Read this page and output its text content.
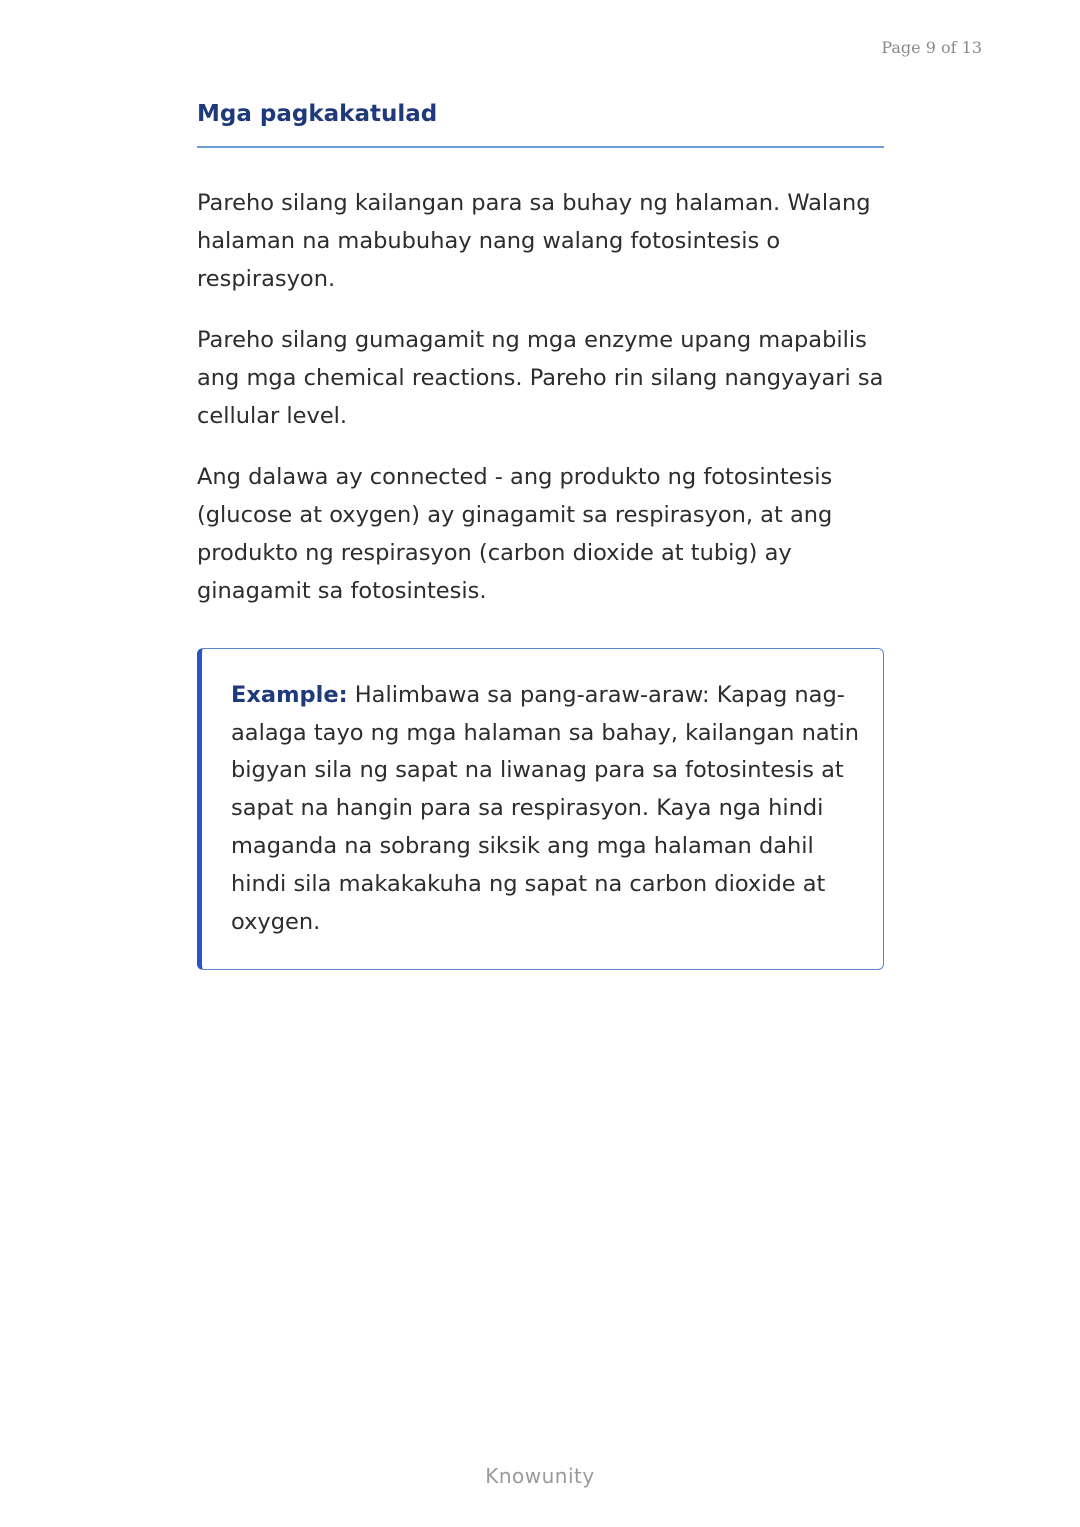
Page 9 of 13
Mga pagkakatulad

Pareho silang kailangan para sa buhay ng halaman. Walang halaman na mabubuhay nang walang fotosintesis o respirasyon.

Pareho silang gumagamit ng mga enzyme upang mapabilis ang mga chemical reactions. Pareho rin silang nangyayari sa cellular level.

Ang dalawa ay connected - ang produkto ng fotosintesis (glucose at oxygen) ay ginagamit sa respirasyon, at ang produkto ng respirasyon (carbon dioxide at tubig) ay ginagamit sa fotosintesis.

Example: Halimbawa sa pang-araw-araw: Kapag nag-aalaga tayo ng mga halaman sa bahay, kailangan natin bigyan sila ng sapat na liwanag para sa fotosintesis at sapat na hangin para sa respirasyon. Kaya nga hindi maganda na sobrang siksik ang mga halaman dahil hindi sila makakakuha ng sapat na carbon dioxide at oxygen.

Knowunity
